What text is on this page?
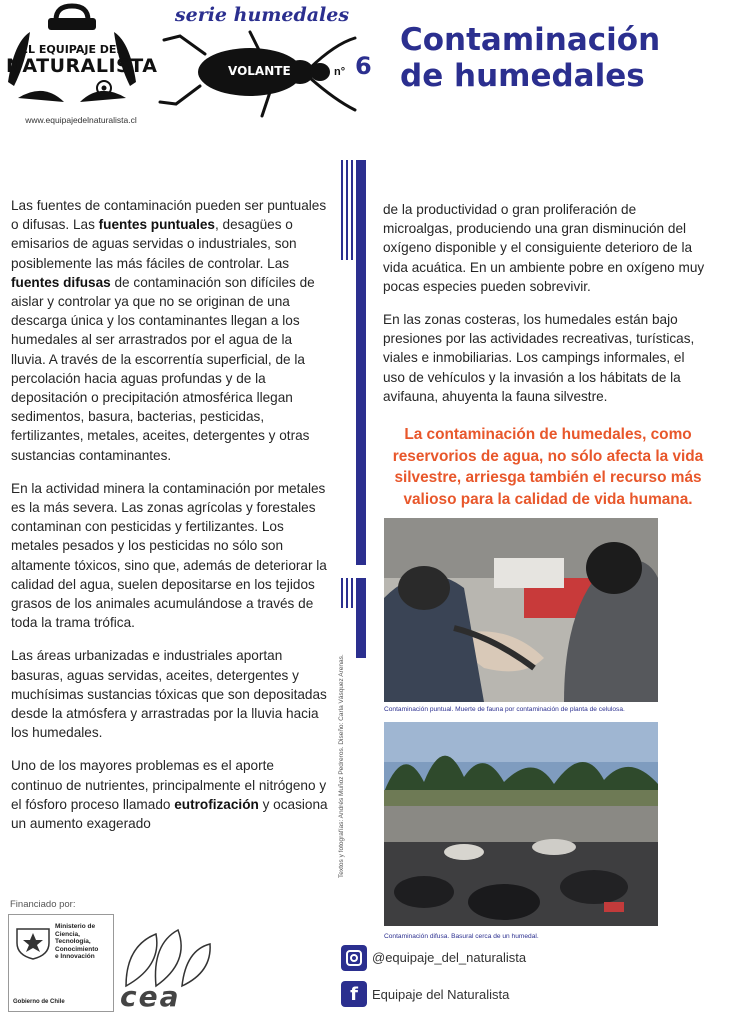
EL EQUIPAJE DEL
NATURALISTA
www.equipajedelnaturalista.cl
serie humedales
VOLANTE	n° 6
Contaminación
de humedales
Textos y fotografías: Andrés Muñoz Pedreros. Diseño: Carla Vásquez Arenas.

Las fuentes de contaminación pueden ser puntuales o difusas. Las fuentes puntuales, desagües o emisarios de aguas servidas o industriales, son posiblemente las más fáciles de controlar. Las fuentes difusas de contaminación son difíciles de aislar y controlar ya que no se originan de una descarga única y los contaminantes llegan a los humedales al ser arrastrados por el agua de la lluvia. A través de la escorrentía superficial, de la percolación hacia aguas profundas y de la depositación o precipitación atmosférica llegan sedimentos, basura, bacterias, pesticidas, fertilizantes, metales, aceites, detergentes y otras sustancias contaminantes.

En la actividad minera la contaminación por metales es la más severa. Las zonas agrícolas y forestales contaminan con pesticidas y fertilizantes. Los metales pesados y los pesticidas no sólo son altamente tóxicos, sino que, además de deteriorar la calidad del agua, suelen depositarse en los tejidos grasos de los animales acumulándose a través de toda la trama trófica.

Las áreas urbanizadas e industriales aportan basuras, aguas servidas, aceites, detergentes y muchísimas sustancias tóxicas que son depositadas desde la atmósfera y arrastradas por la lluvia hacia los humedales.

Uno de los mayores problemas es el aporte continuo de nutrientes, principalmente el nitrógeno y el fósforo proceso llamado eutrofización y ocasiona un aumento exagerado

de la productividad o gran proliferación de microalgas, produciendo una gran disminución del oxígeno disponible y el consiguiente deterioro de la vida acuática. En un ambiente pobre en oxígeno muy pocas especies pueden sobrevivir.

En las zonas costeras, los humedales están bajo presiones por las actividades recreativas, turísticas, viales e inmobiliarias. Los campings informales, el uso de vehículos y la invasión a los hábitats de la avifauna, ahuyenta la fauna silvestre.

La contaminación de humedales, como reservorios de agua, no sólo afecta la vida silvestre, arriesga también el recurso más valioso para la calidad de vida humana.
Contaminación puntual. Muerte de fauna por contaminación de planta de celulosa.
Contaminación difusa. Basural cerca de un humedal.
Financiado por:
Ministerio de
Ciencia,
Tecnología,
Conocimiento
e Innovación
Gobierno de Chile cea
@equipaje_del_naturalista
f	Equipaje del Naturalista
